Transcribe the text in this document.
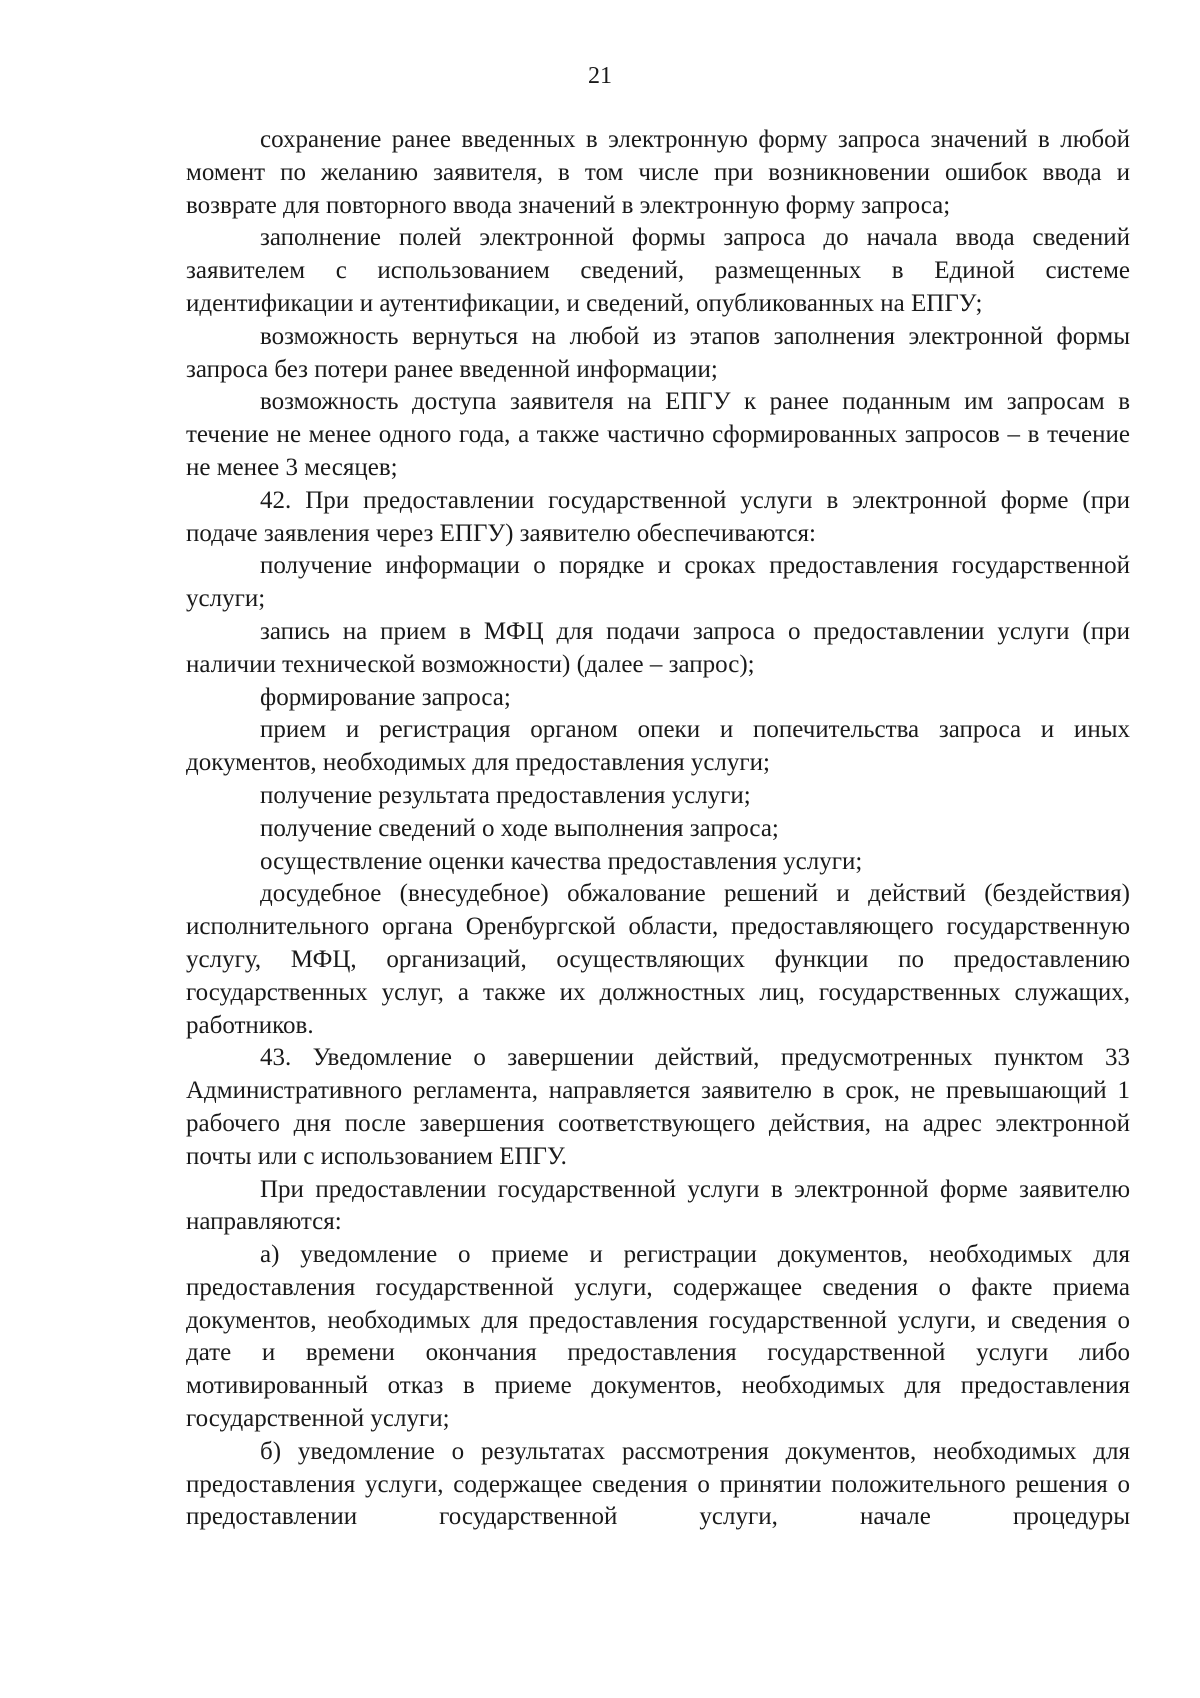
21

сохранение ранее введенных в электронную форму запроса значений в любой момент по желанию заявителя, в том числе при возникновении ошибок ввода и возврате для повторного ввода значений в электронную форму запроса;

заполнение полей электронной формы запроса до начала ввода сведений заявителем с использованием сведений, размещенных в Единой системе идентификации и аутентификации, и сведений, опубликованных на ЕПГУ;

возможность вернуться на любой из этапов заполнения электронной формы запроса без потери ранее введенной информации;

возможность доступа заявителя на ЕПГУ к ранее поданным им запросам в течение не менее одного года, а также частично сформированных запросов – в течение не менее 3 месяцев;

42. При предоставлении государственной услуги в электронной форме (при подаче заявления через ЕПГУ) заявителю обеспечиваются:

получение информации о порядке и сроках предоставления государственной услуги;

запись на прием в МФЦ для подачи запроса о предоставлении услуги (при наличии технической возможности) (далее – запрос);

формирование запроса;

прием и регистрация органом опеки и попечительства запроса и иных документов, необходимых для предоставления услуги;

получение результата предоставления услуги;

получение сведений о ходе выполнения запроса;

осуществление оценки качества предоставления услуги;

досудебное (внесудебное) обжалование решений и действий (бездействия) исполнительного органа Оренбургской области, предоставляющего государственную услугу, МФЦ, организаций, осуществляющих функции по предоставлению государственных услуг, а также их должностных лиц, государственных служащих, работников.

43. Уведомление о завершении действий, предусмотренных пунктом 33 Административного регламента, направляется заявителю в срок, не превышающий 1 рабочего дня после завершения соответствующего действия, на адрес электронной почты или с использованием ЕПГУ.

При предоставлении государственной услуги в электронной форме заявителю направляются:

а) уведомление о приеме и регистрации документов, необходимых для предоставления государственной услуги, содержащее сведения о факте приема документов, необходимых для предоставления государственной услуги, и сведения о дате и времени окончания предоставления государственной услуги либо мотивированный отказ в приеме документов, необходимых для предоставления государственной услуги;

б) уведомление о результатах рассмотрения документов, необходимых для предоставления услуги, содержащее сведения о принятии положительного решения о предоставлении государственной услуги, начале процедуры
